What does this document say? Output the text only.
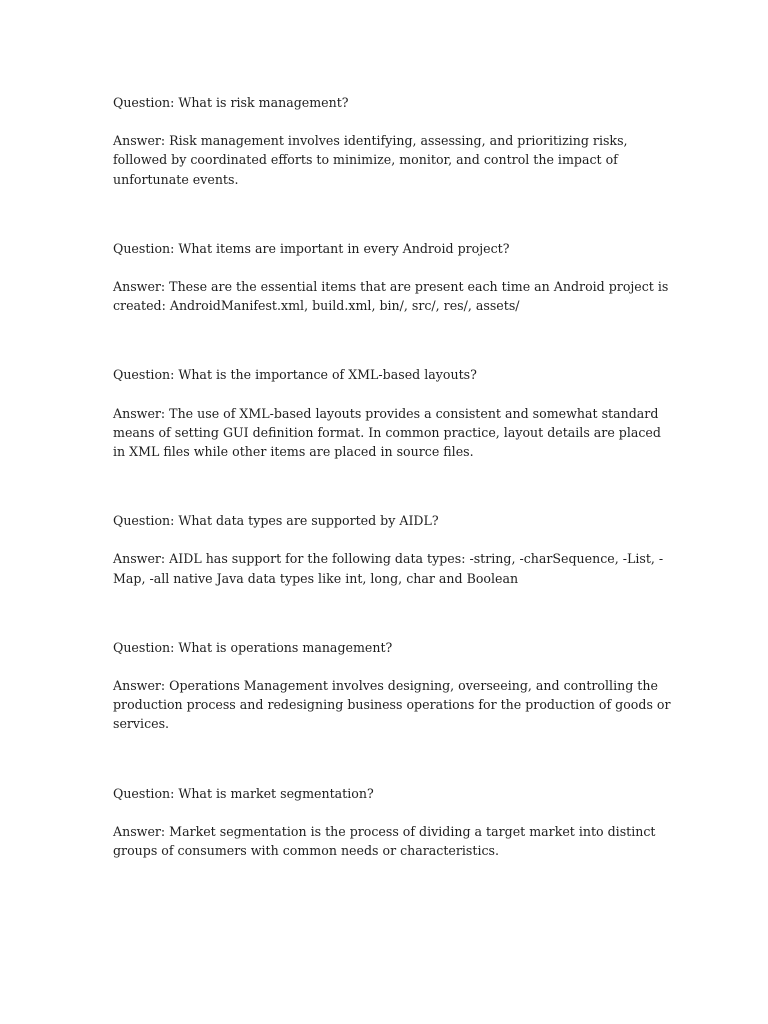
Question: What is risk management?

Answer: Risk management involves identifying, assessing, and prioritizing risks, followed by coordinated efforts to minimize, monitor, and control the impact of unfortunate events.

Question: What items are important in every Android project?

Answer: These are the essential items that are present each time an Android project is created: AndroidManifest.xml, build.xml, bin/, src/, res/, assets/

Question: What is the importance of XML-based layouts?

Answer: The use of XML-based layouts provides a consistent and somewhat standard means of setting GUI definition format. In common practice, layout details are placed in XML files while other items are placed in source files.

Question: What data types are supported by AIDL?

Answer: AIDL has support for the following data types: -string, -charSequence, -List, -Map, -all native Java data types like int, long, char and Boolean

Question: What is operations management?

Answer: Operations Management involves designing, overseeing, and controlling the production process and redesigning business operations for the production of goods or services.

Question: What is market segmentation?

Answer: Market segmentation is the process of dividing a target market into distinct groups of consumers with common needs or characteristics.
